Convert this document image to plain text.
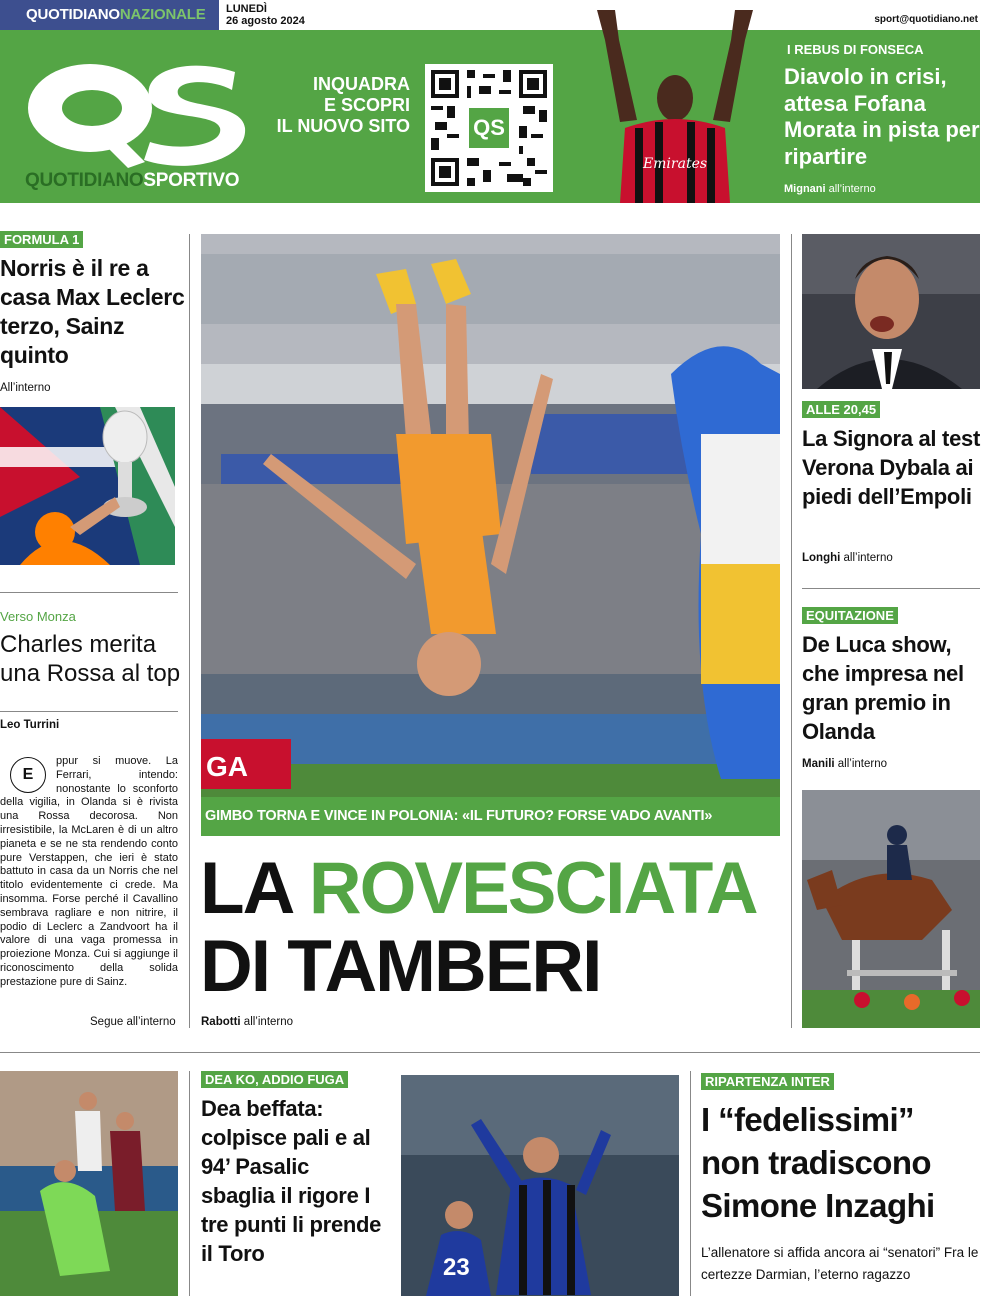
QUOTIDIANONAZIONALE	LUNEDÌ
26 agosto 2024	sport@quotidiano.net
QS
QUOTIDIANOSPORTIVO
INQUADRA
E SCOPRI
IL NUOVO SITO	QS
Emirates
I REBUS DI FONSECA
Diavolo in crisi, attesa Fofana Morata in pista per ripartire
Mignani all’interno
FORMULA 1
Norris è il re a casa Max Leclerc terzo, Sainz quinto
All’interno
Verso Monza
Charles merita una Rossa al top
Leo Turrini
E
ppur si muove. La Ferrari, intendo: nonostante lo sconforto della vigilia, in Olanda si è rivista una Rossa decorosa. Non irresistibile, la McLaren è di un altro pianeta e se ne sta rendendo conto pure Verstappen, che ieri è stato battuto in casa da un Norris che nel titolo evidentemente ci crede. Ma insomma. Forse perché il Cavallino sembrava ragliare e non nitrire, il podio di Leclerc a Zandvoort ha il valore di una vaga promessa in proiezione Monza. Cui si aggiunge il riconoscimento della solida prestazione pure di Sainz.
Segue all’interno
GA
GIMBO TORNA E VINCE IN POLONIA: «IL FUTURO? FORSE VADO AVANTI»
LA ROVESCIATA
DI TAMBERI
Rabotti all’interno
ALLE 20,45
La Signora al test Verona Dybala ai piedi dell’Empoli
Longhi all’interno
EQUITAZIONE
De Luca show, che impresa nel gran premio in Olanda
Manili all’interno
DEA KO, ADDIO FUGA
Dea beffata: colpisce pali e al 94’ Pasalic sbaglia il rigore I tre punti li prende il Toro
23
RIPARTENZA INTER
I “fedelissimi” non tradiscono Simone Inzaghi
L’allenatore si affida ancora ai “senatori” Fra le certezze Darmian, l’eterno ragazzo
